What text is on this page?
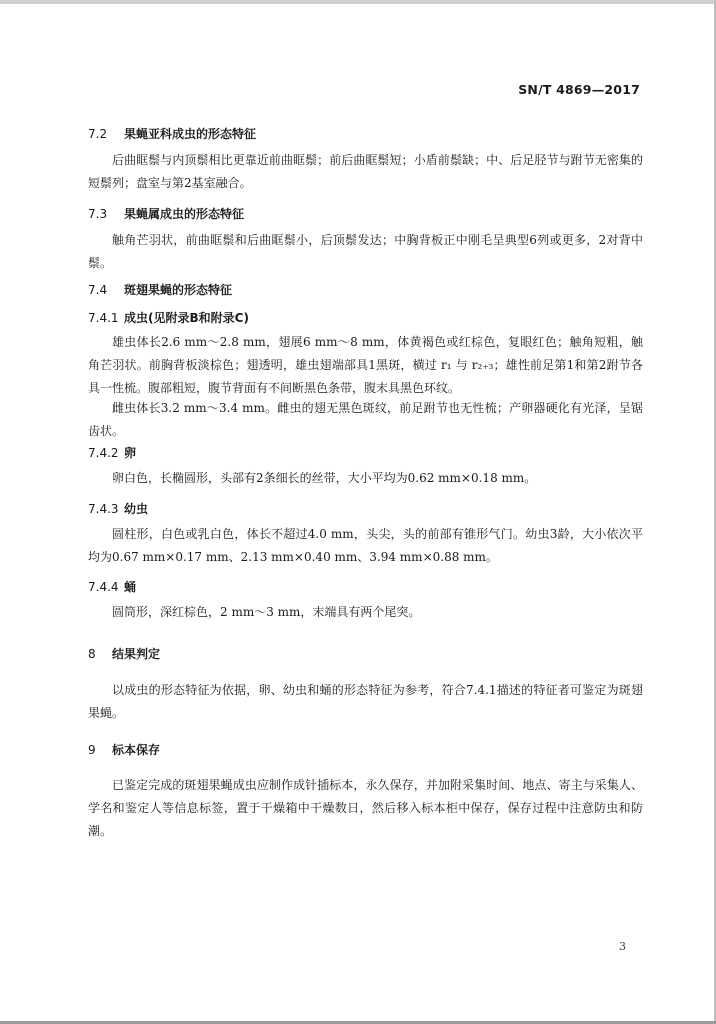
SN/T 4869—2017
7.2 果蝇亚科成虫的形态特征

后曲眶鬃与内顶鬃相比更靠近前曲眶鬃；前后曲眶鬃短；小盾前鬃缺；中、后足胫节与跗节无密集的短鬃列；盘室与第2基室融合。

7.3 果蝇属成虫的形态特征

触角芒羽状，前曲眶鬃和后曲眶鬃小，后顶鬃发达；中胸背板正中刚毛呈典型6列或更多，2对背中鬃。

7.4 斑翅果蝇的形态特征
7.4.1 成虫(见附录B和附录C)

雄虫体长2.6 mm～2.8 mm，翅展6 mm～8 mm，体黄褐色或红棕色，复眼红色；触角短粗，触角芒羽状。前胸背板淡棕色；翅透明，雄虫翅端部具1黑斑，横过 r₁ 与 r₂₊₃；雄性前足第1和第2跗节各具一性梳。腹部粗短，腹节背面有不间断黑色条带，腹末具黑色环纹。

雌虫体长3.2 mm～3.4 mm。雌虫的翅无黑色斑纹，前足跗节也无性梳；产卵器硬化有光泽，呈锯齿状。

7.4.2 卵

卵白色，长椭圆形，头部有2条细长的丝带，大小平均为0.62 mm×0.18 mm。

7.4.3 幼虫

圆柱形，白色或乳白色，体长不超过4.0 mm，头尖，头的前部有锥形气门。幼虫3龄，大小依次平均为0.67 mm×0.17 mm、2.13 mm×0.40 mm、3.94 mm×0.88 mm。

7.4.4 蛹

圆筒形，深红棕色，2 mm～3 mm，末端具有两个尾突。

8 结果判定

以成虫的形态特征为依据，卵、幼虫和蛹的形态特征为参考，符合7.4.1描述的特征者可鉴定为斑翅果蝇。

9 标本保存

已鉴定完成的斑翅果蝇成虫应制作成针插标本，永久保存，并加附采集时间、地点、寄主与采集人、学名和鉴定人等信息标签，置于干燥箱中干燥数日，然后移入标本柜中保存，保存过程中注意防虫和防潮。

3
